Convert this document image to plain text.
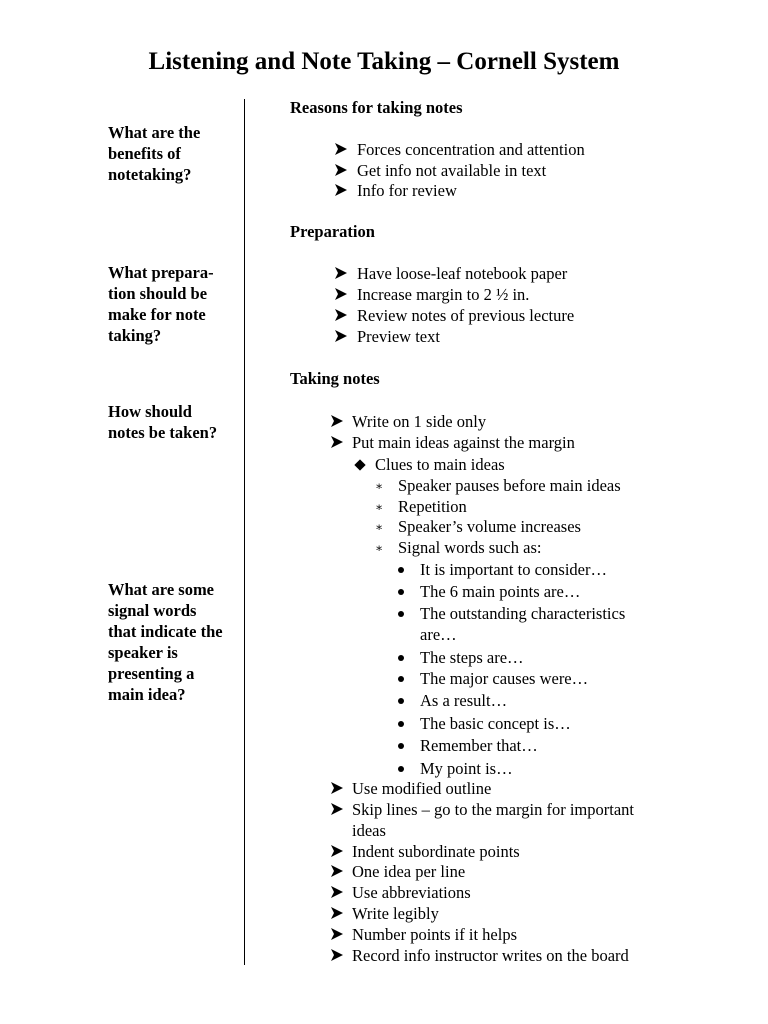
Listening and Note Taking – Cornell System
What are the
benefits of
notetaking?
What prepara-
tion should be
make for note
taking?
How should
notes be taken?
What are some
signal words
that indicate the
speaker is
presenting a
main idea?
Reasons for taking notes
Forces concentration and attention
Get info not available in text
Info for review
Preparation
Have loose-leaf notebook paper
Increase margin to 2 ½ in.
Review notes of previous lecture
Preview text
Taking notes
Write on 1 side only
Put main ideas against the margin
Clues to main ideas
∗ Speaker pauses before main ideas
∗ Repetition
∗ Speaker’s volume increases
∗ Signal words such as:
It is important to consider…
The 6 main points are…
The outstanding characteristics
are…
The steps are…
The major causes were…
As a result…
The basic concept is…
Remember that…
My point is…
Use modified outline
Skip lines – go to the margin for important
ideas
Indent subordinate points
One idea per line
Use abbreviations
Write legibly
Number points if it helps
Record info instructor writes on the board
